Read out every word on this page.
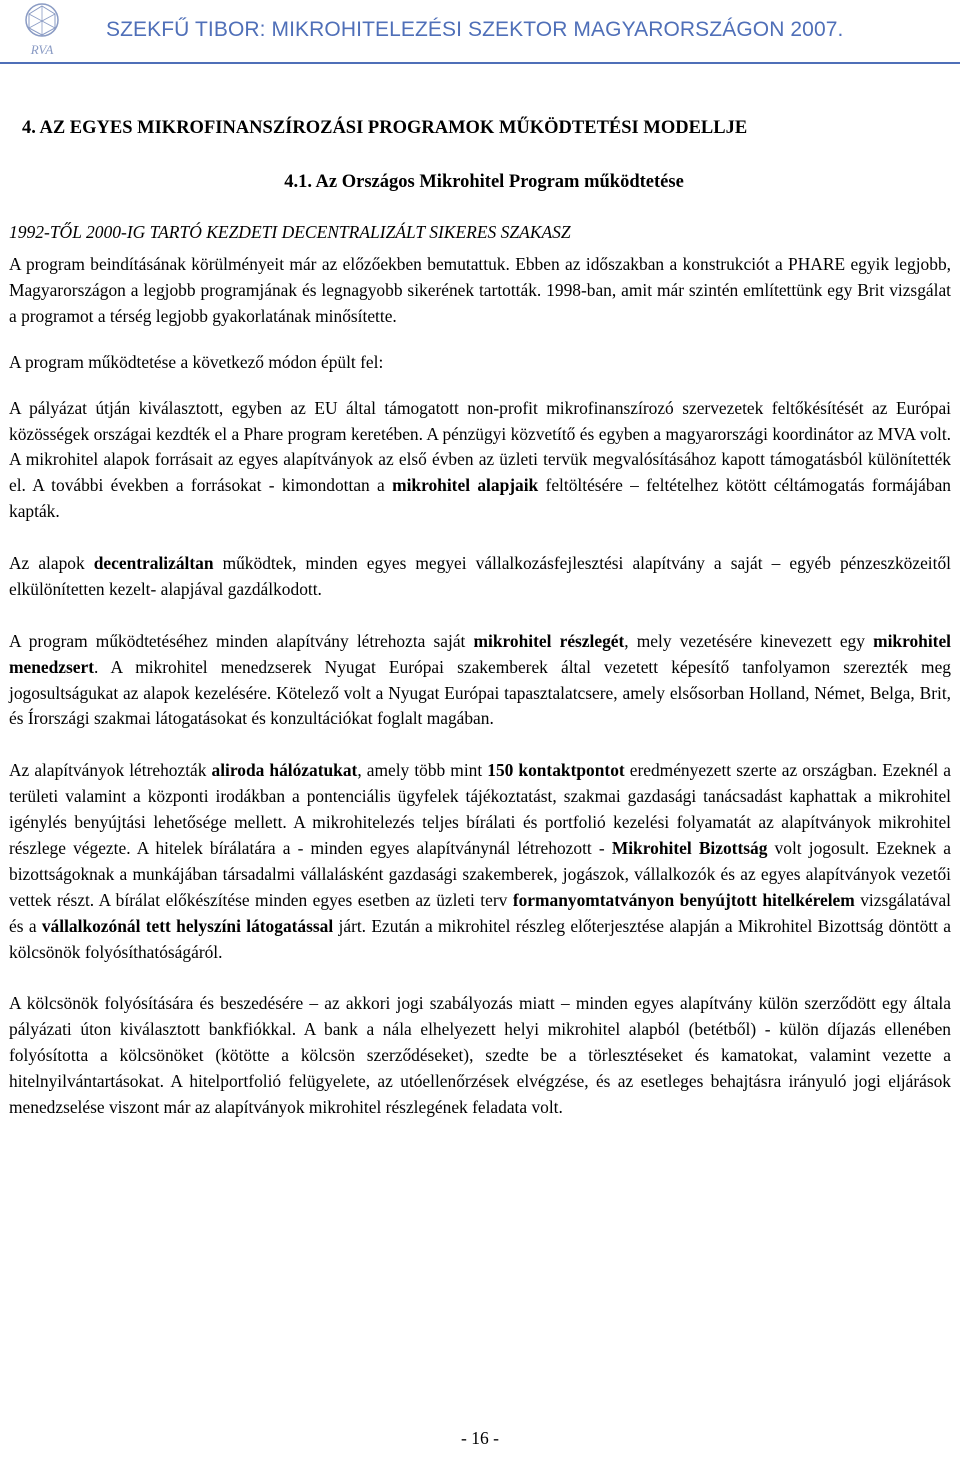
RVA
SZEKFŰ TIBOR: MIKROHITELEZÉSI SZEKTOR MAGYARORSZÁGON 2007.
4. AZ EGYES MIKROFINANSZÍROZÁSI PROGRAMOK MŰKÖDTETÉSI MODELLJE
4.1. Az Országos Mikrohitel Program működtetése
1992-TŐL 2000-IG TARTÓ KEZDETI DECENTRALIZÁLT SIKERES SZAKASZ

A program beindításának körülményeit már az előzőekben bemutattuk. Ebben az időszakban a konstrukciót a PHARE egyik legjobb, Magyarországon a legjobb programjának és legnagyobb sikerének tartották. 1998-ban, amit már szintén említettünk egy Brit vizsgálat a programot a térség legjobb gyakorlatának minősítette.

A program működtetése a következő módon épült fel:

A pályázat útján kiválasztott, egyben az EU által támogatott non-profit mikrofinanszírozó szervezetek feltőkésítését az Európai közösségek országai kezdték el a Phare program keretében. A pénzügyi közvetítő és egyben a magyarországi koordinátor az MVA volt. A mikrohitel alapok forrásait az egyes alapítványok az első évben az üzleti tervük megvalósításához kapott támogatásból különítették el. A további években a forrásokat - kimondottan a mikrohitel alapjaik feltöltésére – feltételhez kötött céltámogatás formájában kapták.

Az alapok decentralizáltan működtek, minden egyes megyei vállalkozásfejlesztési alapítvány a saját – egyéb pénzeszközeitől elkülönítetten kezelt- alapjával gazdálkodott.

A program működtetéséhez minden alapítvány létrehozta saját mikrohitel részlegét, mely vezetésére kinevezett egy mikrohitel menedzsert. A mikrohitel menedzserek Nyugat Európai szakemberek által vezetett képesítő tanfolyamon szerezték meg jogosultságukat az alapok kezelésére. Kötelező volt a Nyugat Európai tapasztalatcsere, amely elsősorban Holland, Német, Belga, Brit, és Írországi szakmai látogatásokat és konzultációkat foglalt magában.

Az alapítványok létrehozták aliroda hálózatukat, amely több mint 150 kontaktpontot eredményezett szerte az országban. Ezeknél a területi valamint a központi irodákban a pontenciális ügyfelek tájékoztatást, szakmai gazdasági tanácsadást kaphattak a mikrohitel igénylés benyújtási lehetősége mellett. A mikrohitelezés teljes bírálati és portfolió kezelési folyamatát az alapítványok mikrohitel részlege végezte. A hitelek bírálatára a - minden egyes alapítványnál létrehozott - Mikrohitel Bizottság volt jogosult. Ezeknek a bizottságoknak a munkájában társadalmi vállalásként gazdasági szakemberek, jogászok, vállalkozók és az egyes alapítványok vezetői vettek részt. A bírálat előkészítése minden egyes esetben az üzleti terv formanyomtatványon benyújtott hitelkérelem vizsgálatával és a vállalkozónál tett helyszíni látogatással járt. Ezután a mikrohitel részleg előterjesztése alapján a Mikrohitel Bizottság döntött a kölcsönök folyósíthatóságáról.

A kölcsönök folyósítására és beszedésére – az akkori jogi szabályozás miatt – minden egyes alapítvány külön szerződött egy általa pályázati úton kiválasztott bankfiókkal. A bank a nála elhelyezett helyi mikrohitel alapból (betétből) - külön díjazás ellenében folyósította a kölcsönöket (kötötte a kölcsön szerződéseket), szedte be a törlesztéseket és kamatokat, valamint vezette a hitelnyilvántartásokat. A hitelportfolió felügyelete, az utóellenőrzések elvégzése, és az esetleges behajtásra irányuló jogi eljárások menedzselése viszont már az alapítványok mikrohitel részlegének feladata volt.

- 16 -
